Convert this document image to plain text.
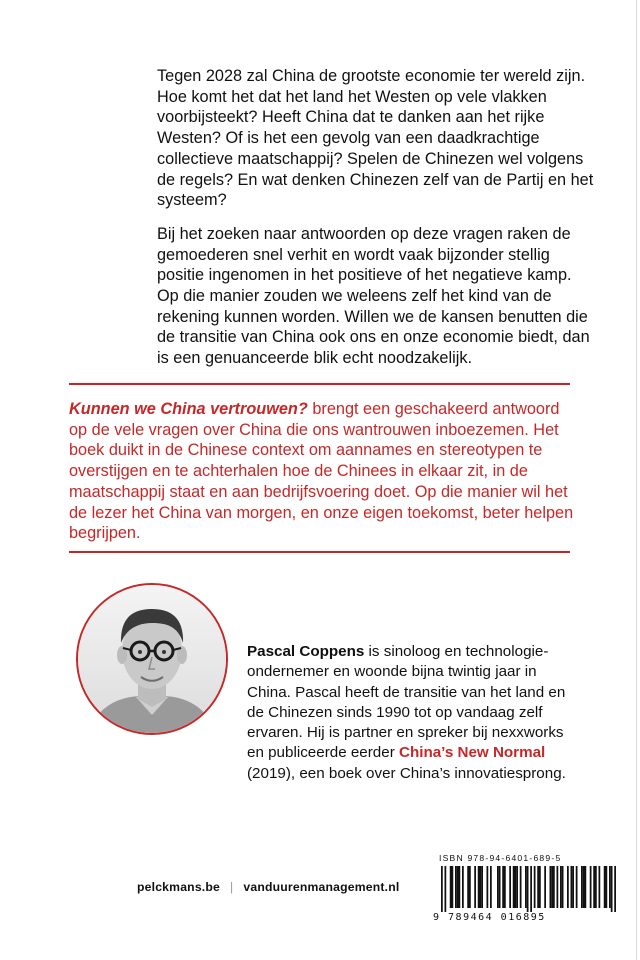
Tegen 2028 zal China de grootste economie ter wereld zijn. Hoe komt het dat het land het Westen op vele vlakken voorbijsteekt? Heeft China dat te danken aan het rijke Westen? Of is het een gevolg van een daadkrachtige collectieve maatschappij? Spelen de Chinezen wel volgens de regels? En wat denken Chinezen zelf van de Partij en het systeem?

Bij het zoeken naar antwoorden op deze vragen raken de gemoederen snel verhit en wordt vaak bijzonder stellig positie ingenomen in het positieve of het negatieve kamp. Op die manier zouden we weleens zelf het kind van de rekening kunnen worden. Willen we de kansen benutten die de transitie van China ook ons en onze economie biedt, dan is een genuanceerde blik echt noodzakelijk.

Kunnen we China vertrouwen? brengt een geschakeerd antwoord op de vele vragen over China die ons wantrouwen inboezemen. Het boek duikt in de Chinese context om aannames en stereotypen te overstijgen en te achterhalen hoe de Chinees in elkaar zit, in de maatschappij staat en aan bedrijfsvoering doet. Op die manier wil het de lezer het China van morgen, en onze eigen toekomst, beter helpen begrijpen.

Pascal Coppens is sinoloog en technologie-ondernemer en woonde bijna twintig jaar in China. Pascal heeft de transitie van het land en de Chinezen sinds 1990 tot op vandaag zelf ervaren. Hij is partner en spreker bij nexxworks en publiceerde eerder China’s New Normal (2019), een boek over China’s innovatiesprong.

pelckmans.be | vanduurenmanagement.nl
ISBN 978-94-6401-689-5
9 789464 016895
